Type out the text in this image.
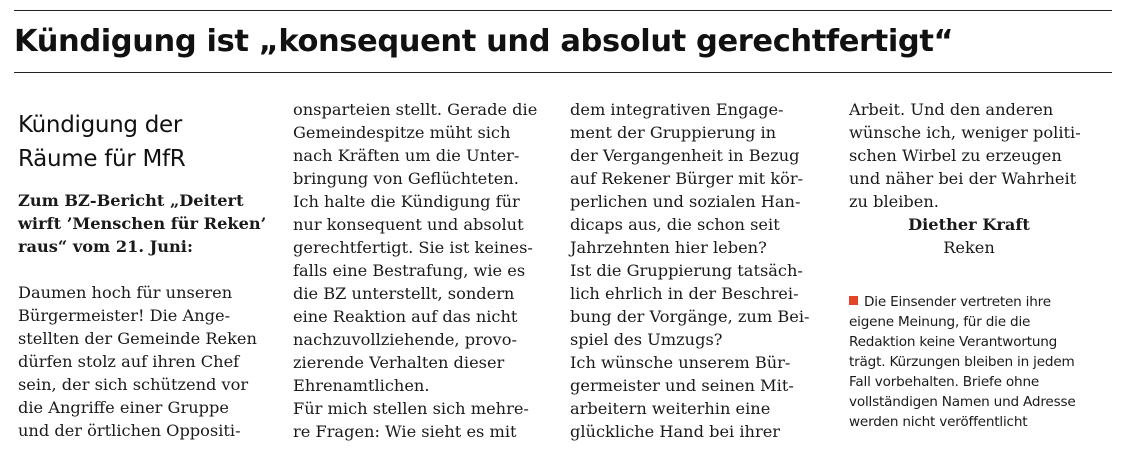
Kündigung ist „konsequent und absolut gerechtfertigt“
Kündigung der
Räume für MfR
Zum BZ-Bericht „Deitert
wirft ’Menschen für Reken’
raus“ vom 21. Juni:
Daumen hoch für unseren
Bürgermeister! Die Ange-
stellten der Gemeinde Reken
dürfen stolz auf ihren Chef
sein, der sich schützend vor
die Angriffe einer Gruppe
und der örtlichen Oppositi-
onsparteien stellt. Gerade die
Gemeindespitze müht sich
nach Kräften um die Unter-
bringung von Geflüchteten.
Ich halte die Kündigung für
nur konsequent und absolut
gerechtfertigt. Sie ist keines-
falls eine Bestrafung, wie es
die BZ unterstellt, sondern
eine Reaktion auf das nicht
nachzuvollziehende, provo-
zierende Verhalten dieser
Ehrenamtlichen.
Für mich stellen sich mehre-
re Fragen: Wie sieht es mit
dem integrativen Engage-
ment der Gruppierung in
der Vergangenheit in Bezug
auf Rekener Bürger mit kör-
perlichen und sozialen Han-
dicaps aus, die schon seit
Jahrzehnten hier leben?
Ist die Gruppierung tatsäch-
lich ehrlich in der Beschrei-
bung der Vorgänge, zum Bei-
spiel des Umzugs?
Ich wünsche unserem Bür-
germeister und seinen Mit-
arbeitern weiterhin eine
glückliche Hand bei ihrer
Arbeit. Und den anderen
wünsche ich, weniger politi-
schen Wirbel zu erzeugen
und näher bei der Wahrheit
zu bleiben.
Diether Kraft
Reken
Die Einsender vertreten ihre
eigene Meinung, für die die
Redaktion keine Verantwortung
trägt. Kürzungen bleiben in jedem
Fall vorbehalten. Briefe ohne
vollständigen Namen und Adresse
werden nicht veröffentlicht
